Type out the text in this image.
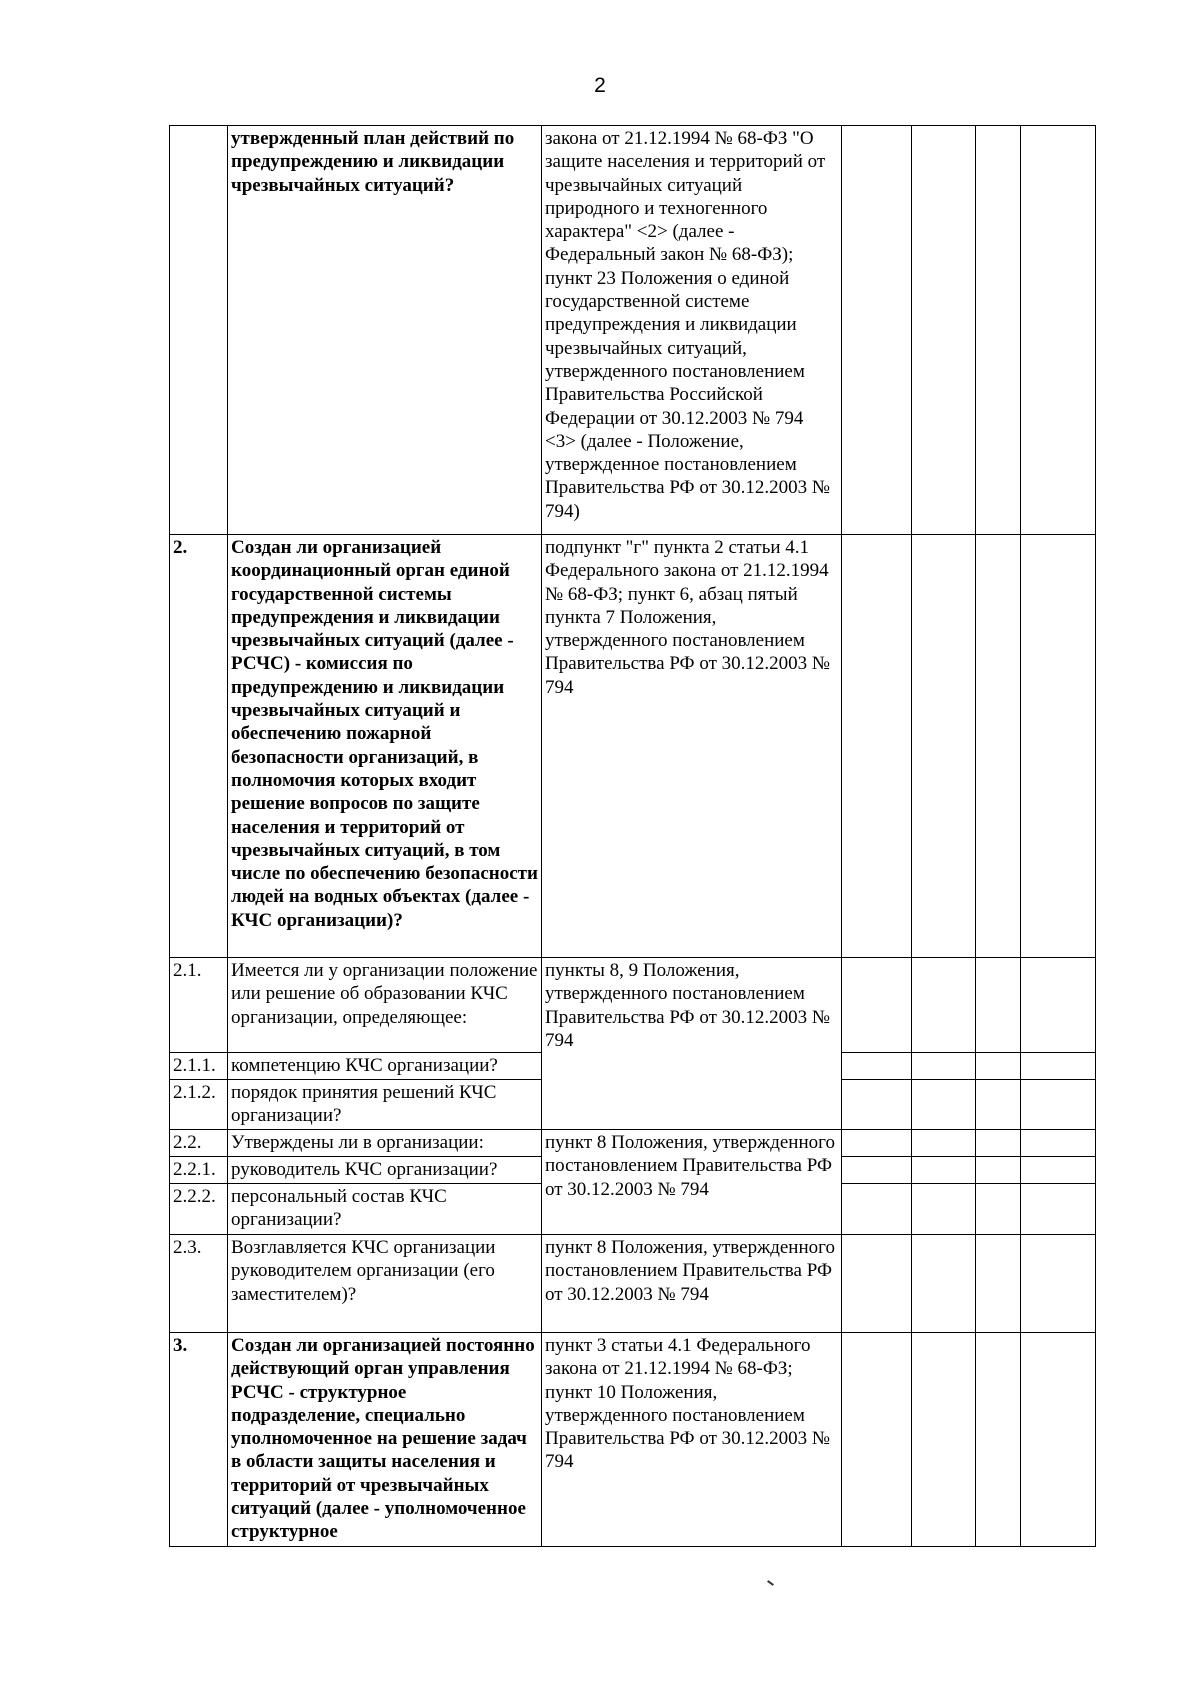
2
	утвержденный план действий по предупреждению и ликвидации чрезвычайных ситуаций?	закона от 21.12.1994 № 68-ФЗ "О защите населения и территорий от чрезвычайных ситуаций природного и техногенного характера" <2> (далее - Федеральный закон № 68-ФЗ); пункт 23 Положения о единой государственной системе предупреждения и ликвидации чрезвычайных ситуаций, утвержденного постановлением Правительства Российской Федерации от 30.12.2003 № 794 <3> (далее - Положение, утвержденное постановлением Правительства РФ от 30.12.2003 № 794)				
2.	Создан ли организацией координационный орган единой государственной системы предупреждения и ликвидации чрезвычайных ситуаций (далее - РСЧС) - комиссия по предупреждению и ликвидации чрезвычайных ситуаций и обеспечению пожарной безопасности организаций, в полномочия которых входит решение вопросов по защите населения и территорий от чрезвычайных ситуаций, в том числе по обеспечению безопасности людей на водных объектах (далее - КЧС организации)?	подпункт "г" пункта 2 статьи 4.1 Федерального закона от 21.12.1994 № 68-ФЗ; пункт 6, абзац пятый пункта 7 Положения, утвержденного постановлением Правительства РФ от 30.12.2003 № 794				
2.1.	Имеется ли у организации положение или решение об образовании КЧС организации, определяющее:	пункты 8, 9 Положения, утвержденного постановлением Правительства РФ от 30.12.2003 № 794				
2.1.1.	компетенцию КЧС организации?					
2.1.2.	порядок принятия решений КЧС организации?					
2.2.	Утверждены ли в организации:	пункт 8 Положения, утвержденного постановлением Правительства РФ от 30.12.2003 № 794				
2.2.1.	руководитель КЧС организации?					
2.2.2.	персональный состав КЧС организации?					
2.3.	Возглавляется КЧС организации руководителем организации (его заместителем)?	пункт 8 Положения, утвержденного постановлением Правительства РФ от 30.12.2003 № 794				
3.	Создан ли организацией постоянно действующий орган управления РСЧС - структурное подразделение, специально уполномоченное на решение задач в области защиты населения и территорий от чрезвычайных ситуаций (далее - уполномоченное структурное	пункт 3 статьи 4.1 Федерального закона от 21.12.1994 № 68-ФЗ; пункт 10 Положения, утвержденного постановлением Правительства РФ от 30.12.2003 № 794				
